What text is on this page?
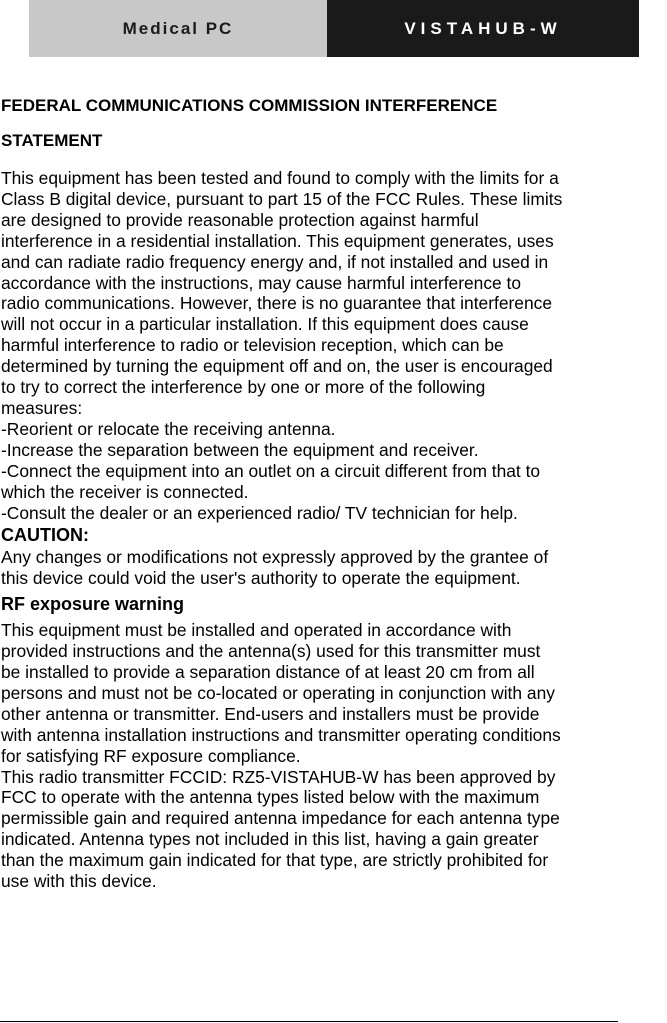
Medical PC	VISTAHUB-W

FEDERAL COMMUNICATIONS COMMISSION INTERFERENCE
STATEMENT

This equipment has been tested and found to comply with the limits for a
Class B digital device, pursuant to part 15 of the FCC Rules. These limits
are designed to provide reasonable protection against harmful
interference in a residential installation. This equipment generates, uses
and can radiate radio frequency energy and, if not installed and used in
accordance with the instructions, may cause harmful interference to
radio communications. However, there is no guarantee that interference
will not occur in a particular installation. If this equipment does cause
harmful interference to radio or television reception, which can be
determined by turning the equipment off and on, the user is encouraged
to try to correct the interference by one or more of the following
measures:

-Reorient or relocate the receiving antenna.

-Increase the separation between the equipment and receiver.

-Connect the equipment into an outlet on a circuit different from that to
which the receiver is connected.

-Consult the dealer or an experienced radio/ TV technician for help.

CAUTION:

Any changes or modifications not expressly approved by the grantee of
this device could void the user's authority to operate the equipment.

RF exposure warning

This equipment must be installed and operated in accordance with
provided instructions and the antenna(s) used for this transmitter must
be installed to provide a separation distance of at least 20 cm from all
persons and must not be co-located or operating in conjunction with any
other antenna or transmitter. End-users and installers must be provide
with antenna installation instructions and transmitter operating conditions
for satisfying RF exposure compliance.

This radio transmitter FCCID: RZ5-VISTAHUB-W has been approved by
FCC to operate with the antenna types listed below with the maximum
permissible gain and required antenna impedance for each antenna type
indicated. Antenna types not included in this list, having a gain greater
than the maximum gain indicated for that type, are strictly prohibited for
use with this device.
